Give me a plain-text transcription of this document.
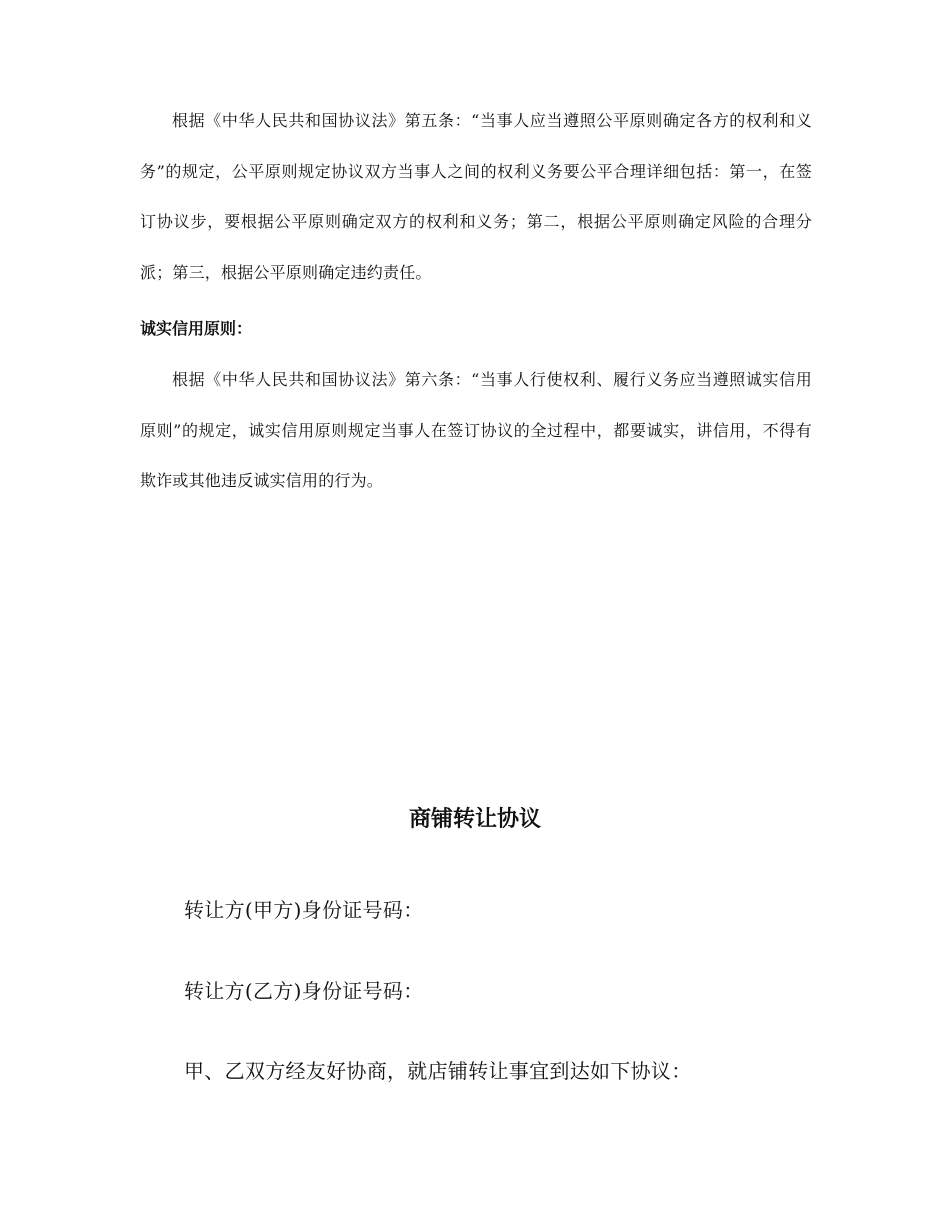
根据《中华人民共和国协议法》第五条：“当事人应当遵照公平原则确定各方的权利和义务”的规定，公平原则规定协议双方当事人之间的权利义务要公平合理详细包括：第一，在签订协议步，要根据公平原则确定双方的权利和义务；第二，根据公平原则确定风险的合理分派；第三，根据公平原则确定违约责任。

诚实信用原则：

根据《中华人民共和国协议法》第六条：“当事人行使权利、履行义务应当遵照诚实信用原则”的规定，诚实信用原则规定当事人在签订协议的全过程中，都要诚实，讲信用，不得有欺诈或其他违反诚实信用的行为。

商铺转让协议

转让方(甲方)身份证号码：

转让方(乙方)身份证号码：

甲、乙双方经友好协商，就店铺转让事宜到达如下协议：
